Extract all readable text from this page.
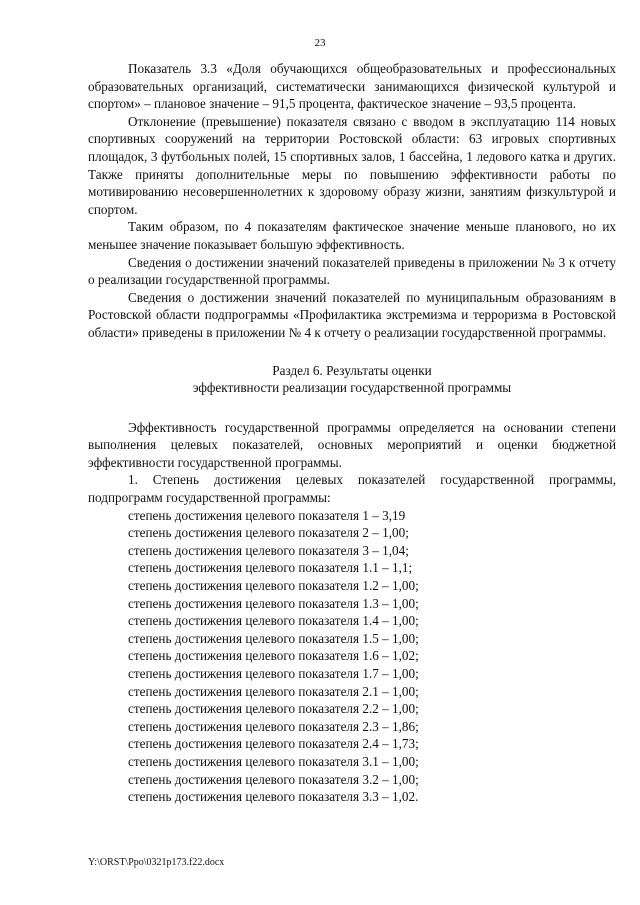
23

Показатель 3.3 «Доля обучающихся общеобразовательных и профессиональных образовательных организаций, систематически занимающихся физической культурой и спортом» – плановое значение – 91,5 процента, фактическое значение – 93,5 процента.

Отклонение (превышение) показателя связано с вводом в эксплуатацию 114 новых спортивных сооружений на территории Ростовской области: 63 игровых спортивных площадок, 3 футбольных полей, 15 спортивных залов, 1 бассейна, 1 ледового катка и других. Также приняты дополнительные меры по повышению эффективности работы по мотивированию несовершеннолетних к здоровому образу жизни, занятиям физкультурой и спортом.

Таким образом, по 4 показателям фактическое значение меньше планового, но их меньшее значение показывает большую эффективность.

Сведения о достижении значений показателей приведены в приложении № 3 к отчету о реализации государственной программы.

Сведения о достижении значений показателей по муниципальным образованиям в Ростовской области подпрограммы «Профилактика экстремизма и терроризма в Ростовской области» приведены в приложении № 4 к отчету о реализации государственной программы.

Раздел 6. Результаты оценки

эффективности реализации государственной программы

Эффективность государственной программы определяется на основании степени выполнения целевых показателей, основных мероприятий и оценки бюджетной эффективности государственной программы.

1. Степень достижения целевых показателей государственной программы, подпрограмм государственной программы:

степень достижения целевого показателя 1 – 3,19

степень достижения целевого показателя 2 – 1,00;

степень достижения целевого показателя 3 – 1,04;

степень достижения целевого показателя 1.1 – 1,1;

степень достижения целевого показателя 1.2 – 1,00;

степень достижения целевого показателя 1.3 – 1,00;

степень достижения целевого показателя 1.4 – 1,00;

степень достижения целевого показателя 1.5 – 1,00;

степень достижения целевого показателя 1.6 – 1,02;

степень достижения целевого показателя 1.7 – 1,00;

степень достижения целевого показателя 2.1 – 1,00;

степень достижения целевого показателя 2.2 – 1,00;

степень достижения целевого показателя 2.3 – 1,86;

степень достижения целевого показателя 2.4 – 1,73;

степень достижения целевого показателя 3.1 – 1,00;

степень достижения целевого показателя 3.2 – 1,00;

степень достижения целевого показателя 3.3 – 1,02.

Y:\ORST\Ppo\0321p173.f22.docx
